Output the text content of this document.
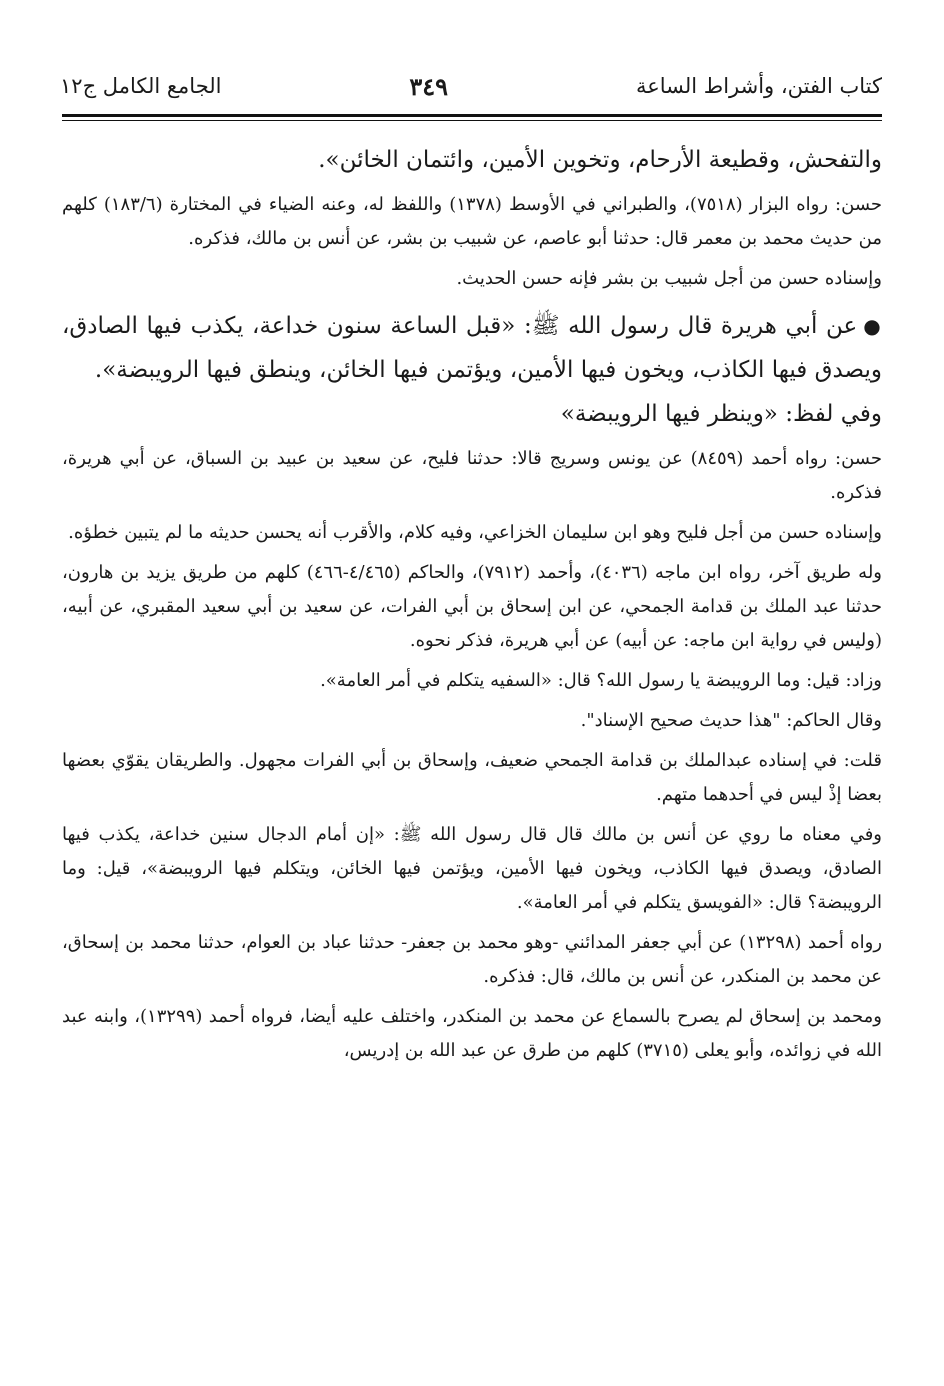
كتاب الفتن، وأشراط الساعة
٣٤٩
الجامع الكامل ج١٢

والتفحش، وقطيعة الأرحام، وتخوين الأمين، وائتمان الخائن».

حسن: رواه البزار (٧٥١٨)، والطبراني في الأوسط (١٣٧٨) واللفظ له، وعنه الضياء في المختارة (١٨٣/٦) كلهم من حديث محمد بن معمر قال: حدثنا أبو عاصم، عن شبيب بن بشر، عن أنس بن مالك، فذكره.

وإسناده حسن من أجل شبيب بن بشر فإنه حسن الحديث.

●عن أبي هريرة قال رسول الله ﷺ: «قبل الساعة سنون خداعة، يكذب فيها الصادق، ويصدق فيها الكاذب، ويخون فيها الأمين، ويؤتمن فيها الخائن، وينطق فيها الرويبضة».

وفي لفظ: «وينظر فيها الرويبضة»

حسن: رواه أحمد (٨٤٥٩) عن يونس وسريج قالا: حدثنا فليح، عن سعيد بن عبيد بن السباق، عن أبي هريرة، فذكره.

وإسناده حسن من أجل فليح وهو ابن سليمان الخزاعي، وفيه كلام، والأقرب أنه يحسن حديثه ما لم يتبين خطؤه.

وله طريق آخر، رواه ابن ماجه (٤٠٣٦)، وأحمد (٧٩١٢)، والحاكم (٤/٤٦٥-٤٦٦) كلهم من طريق يزيد بن هارون، حدثنا عبد الملك بن قدامة الجمحي، عن ابن إسحاق بن أبي الفرات، عن سعيد بن أبي سعيد المقبري، عن أبيه، (وليس في رواية ابن ماجه: عن أبيه) عن أبي هريرة، فذكر نحوه.

وزاد: قيل: وما الرويبضة يا رسول الله؟ قال: «السفيه يتكلم في أمر العامة».

وقال الحاكم: "هذا حديث صحيح الإسناد".

قلت: في إسناده عبدالملك بن قدامة الجمحي ضعيف، وإسحاق بن أبي الفرات مجهول. والطريقان يقوّي بعضها بعضا إذْ ليس في أحدهما متهم.

وفي معناه ما روي عن أنس بن مالك قال قال رسول الله ﷺ: «إن أمام الدجال سنين خداعة، يكذب فيها الصادق، ويصدق فيها الكاذب، ويخون فيها الأمين، ويؤتمن فيها الخائن، ويتكلم فيها الرويبضة»، قيل: وما الرويبضة؟ قال: «الفويسق يتكلم في أمر العامة».

رواه أحمد (١٣٢٩٨) عن أبي جعفر المدائني -وهو محمد بن جعفر- حدثنا عباد بن العوام، حدثنا محمد بن إسحاق، عن محمد بن المنكدر، عن أنس بن مالك، قال: فذكره.

ومحمد بن إسحاق لم يصرح بالسماع عن محمد بن المنكدر، واختلف عليه أيضا، فرواه أحمد (١٣٢٩٩)، وابنه عبد الله في زوائده، وأبو يعلى (٣٧١٥) كلهم من طرق عن عبد الله بن إدريس،
